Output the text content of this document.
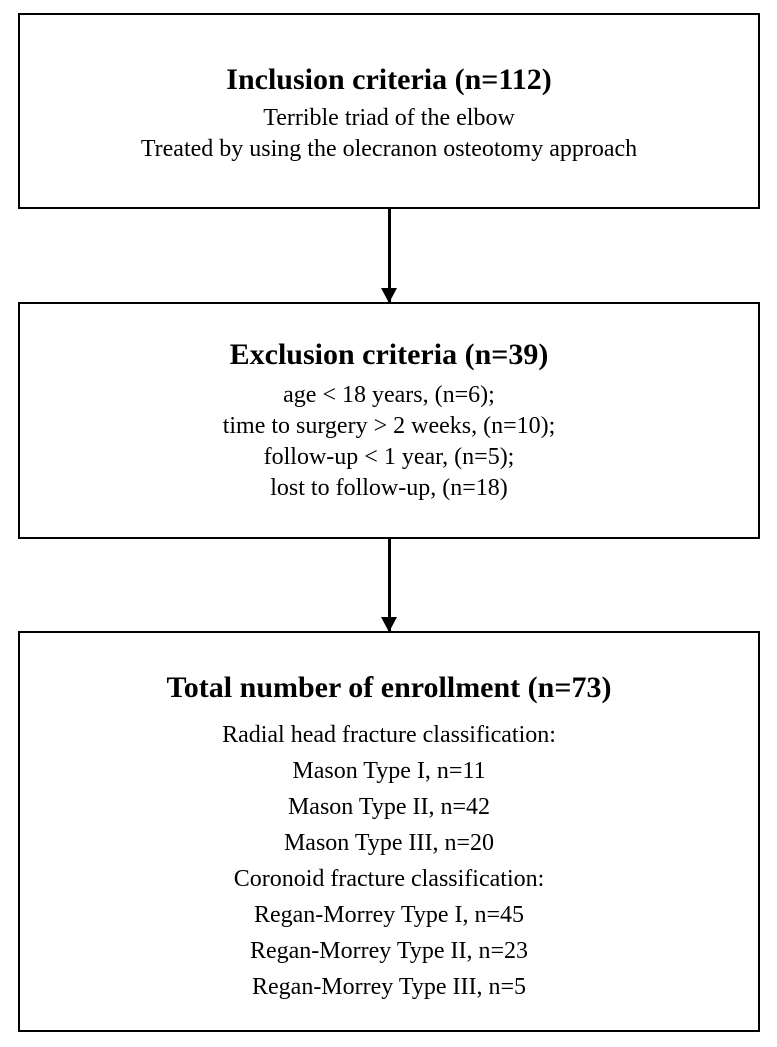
Inclusion criteria (n=112)
Terrible triad of the elbow
Treated by using the olecranon osteotomy approach
Exclusion criteria (n=39)
age < 18 years, (n=6);
time to surgery > 2 weeks, (n=10);
follow-up < 1 year, (n=5);
lost to follow-up, (n=18)
Total number of enrollment (n=73)
Radial head fracture classification:
Mason Type I, n=11
Mason Type II, n=42
Mason Type III, n=20
Coronoid fracture classification:
Regan-Morrey Type I, n=45
Regan-Morrey Type II, n=23
Regan-Morrey Type III, n=5
